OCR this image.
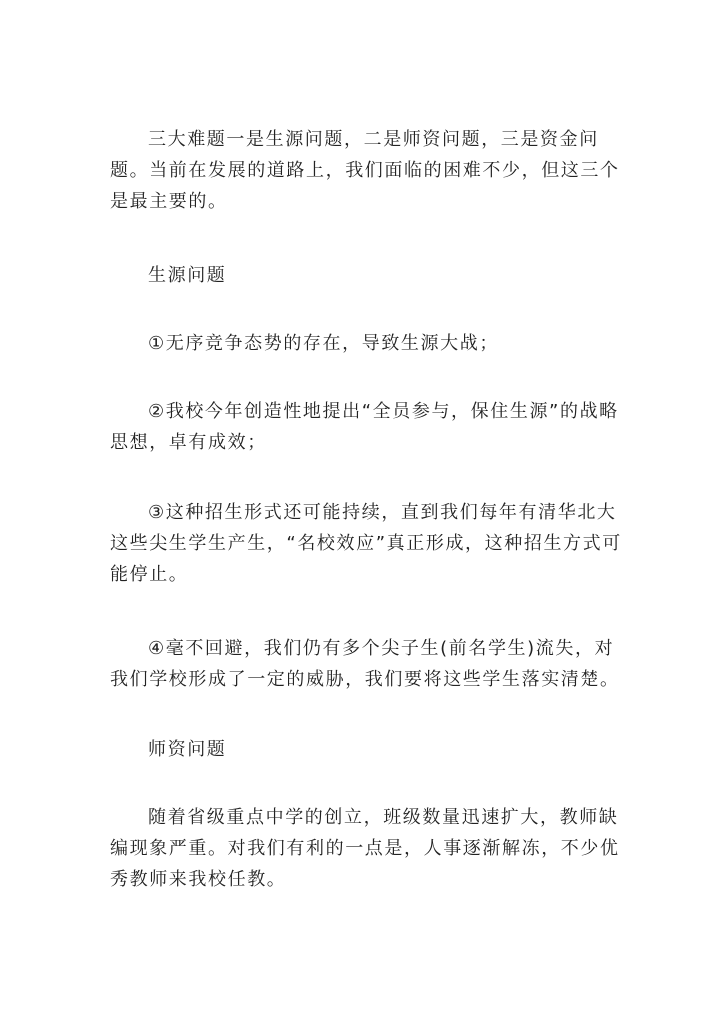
三大难题一是生源问题，二是师资问题，三是资金问题。当前在发展的道路上，我们面临的困难不少，但这三个是最主要的。

生源问题

①无序竞争态势的存在，导致生源大战；

②我校今年创造性地提出“全员参与，保住生源”的战略思想，卓有成效；

③这种招生形式还可能持续，直到我们每年有清华北大这些尖生学生产生，“名校效应”真正形成，这种招生方式可能停止。

④毫不回避，我们仍有多个尖子生(前名学生)流失，对我们学校形成了一定的威胁，我们要将这些学生落实清楚。

师资问题

随着省级重点中学的创立，班级数量迅速扩大，教师缺编现象严重。对我们有利的一点是，人事逐渐解冻，不少优秀教师来我校任教。
